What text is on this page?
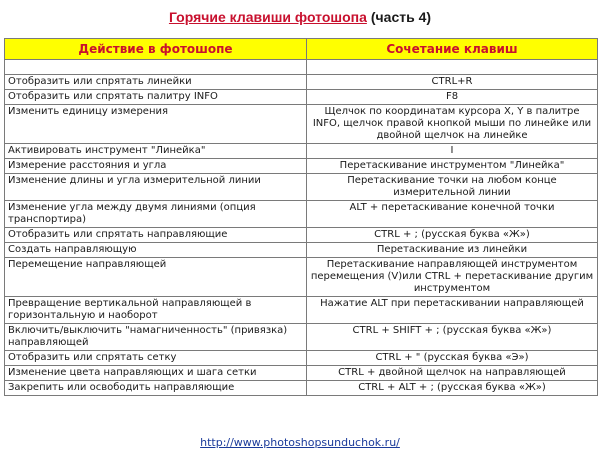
Горячие клавиши фотошопа (часть 4)
Действие в фотошопе	Сочетание клавиш

Отобразить или спрятать линейки	CTRL+R
Отобразить или спрятать палитру INFO	F8
Изменить единицу измерения	Щелчок по координатам курсора X, Y в палитре INFO, щелчок правой кнопкой мыши по линейке или двойной щелчок на линейке
Активировать инструмент "Линейка"	I
Измерение расстояния и угла	Перетаскивание инструментом "Линейка"
Изменение длины и угла измерительной линии	Перетаскивание точки на любом конце измерительной линии
Изменение угла между двумя линиями (опция транспортира)	ALT + перетаскивание конечной точки
Отобразить или спрятать направляющие	CTRL + ; (русская буква «Ж»)
Создать направляющую	Перетаскивание из линейки
Перемещение направляющей	Перетаскивание направляющей инструментом перемещения (V)или CTRL + перетаскивание другим инструментом
Превращение вертикальной направляющей в горизонтальную и наоборот	Нажатие ALT при перетаскивании направляющей
Включить/выключить "намагниченность" (привязка) направляющей	CTRL + SHIFT + ; (русская буква «Ж»)
Отобразить или спрятать сетку	CTRL + " (русская буква «Э»)
Изменение цвета направляющих и шага сетки	CTRL + двойной щелчок на направляющей
Закрепить или освободить направляющие	CTRL + ALT + ; (русская буква «Ж»)
http://www.photoshopsunduchok.ru/
